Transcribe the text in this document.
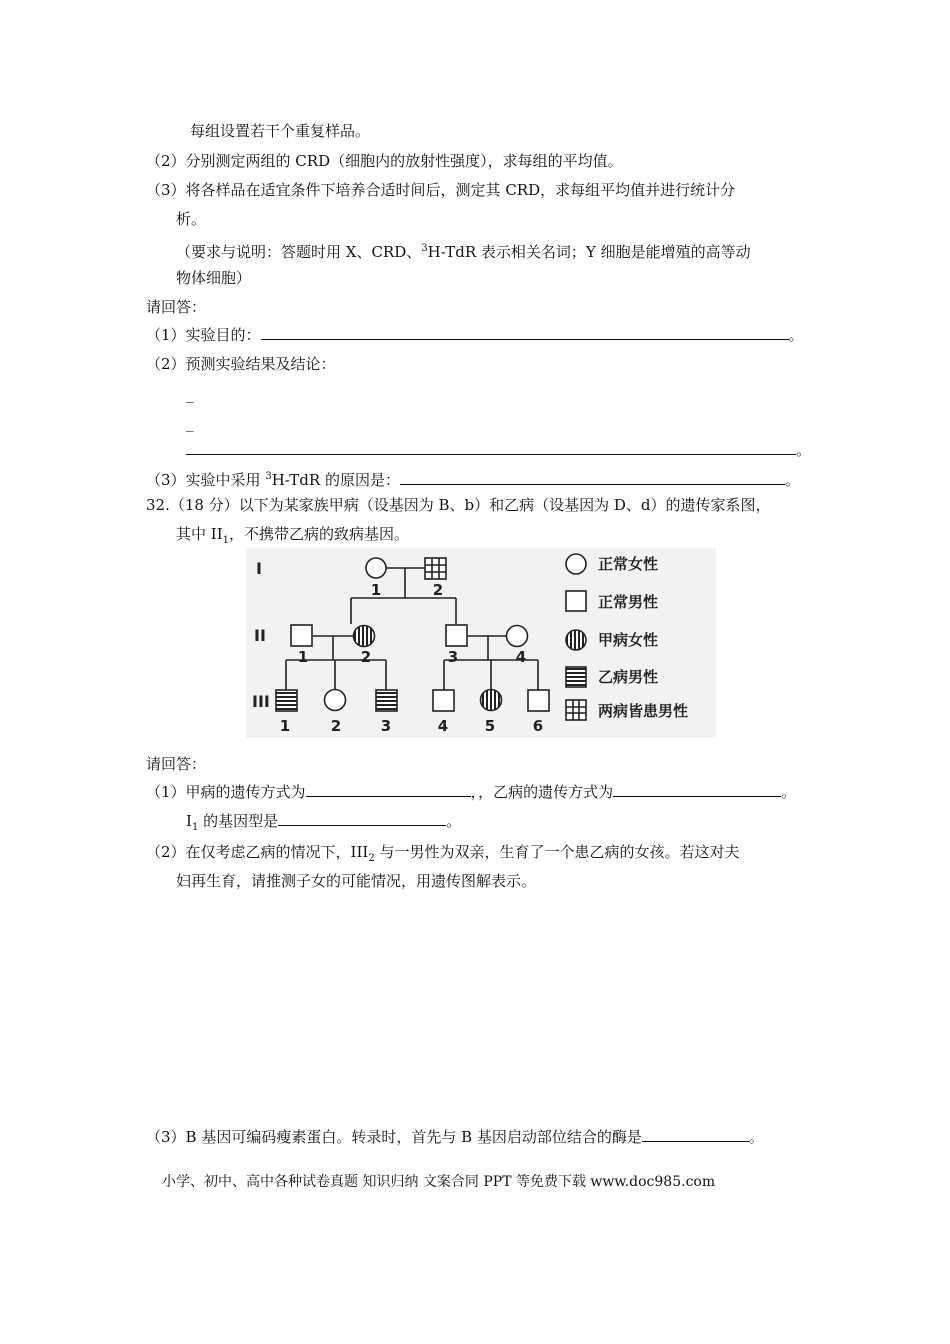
每组设置若干个重复样品。
（2）分别测定两组的 CRD（细胞内的放射性强度），求每组的平均值。
（3）将各样品在适宜条件下培养合适时间后，测定其 CRD，求每组平均值并进行统计分
析。
（要求与说明：答题时用 X、CRD、$^3$H-TdR 表示相关名词；Y 细胞是能增殖的高等动
物体细胞）
请回答：
（1）实验目的：	。
（2）预测实验结果及结论：
_
_
。
（3）实验中采用 $^3$H-TdR 的原因是：	。
32.（18 分）以下为某家族甲病（设基因为 B、b）和乙病（设基因为 D、d）的遗传家系图，
其中 $II_1$，不携带乙病的致病基因。
I
II
III
1	2
1	2	3	4
1	2	3	4 5	6
正常女性
正常男性
甲病女性
乙病男性
两病皆患男性
请回答：
（1）甲病的遗传方式为	，，乙病的遗传方式为	。
$I_1$ 的基因型是	。
（2）在仅考虑乙病的情况下，$III_2$ 与一男性为双亲，生育了一个患乙病的女孩。若这对夫
妇再生育，请推测子女的可能情况，用遗传图解表示。
（3）B 基因可编码瘦素蛋白。转录时，首先与 B 基因启动部位结合的酶是	。
小学、初中、高中各种试卷真题 知识归纳 文案合同 PPT 等免费下载 www.doc985.com
